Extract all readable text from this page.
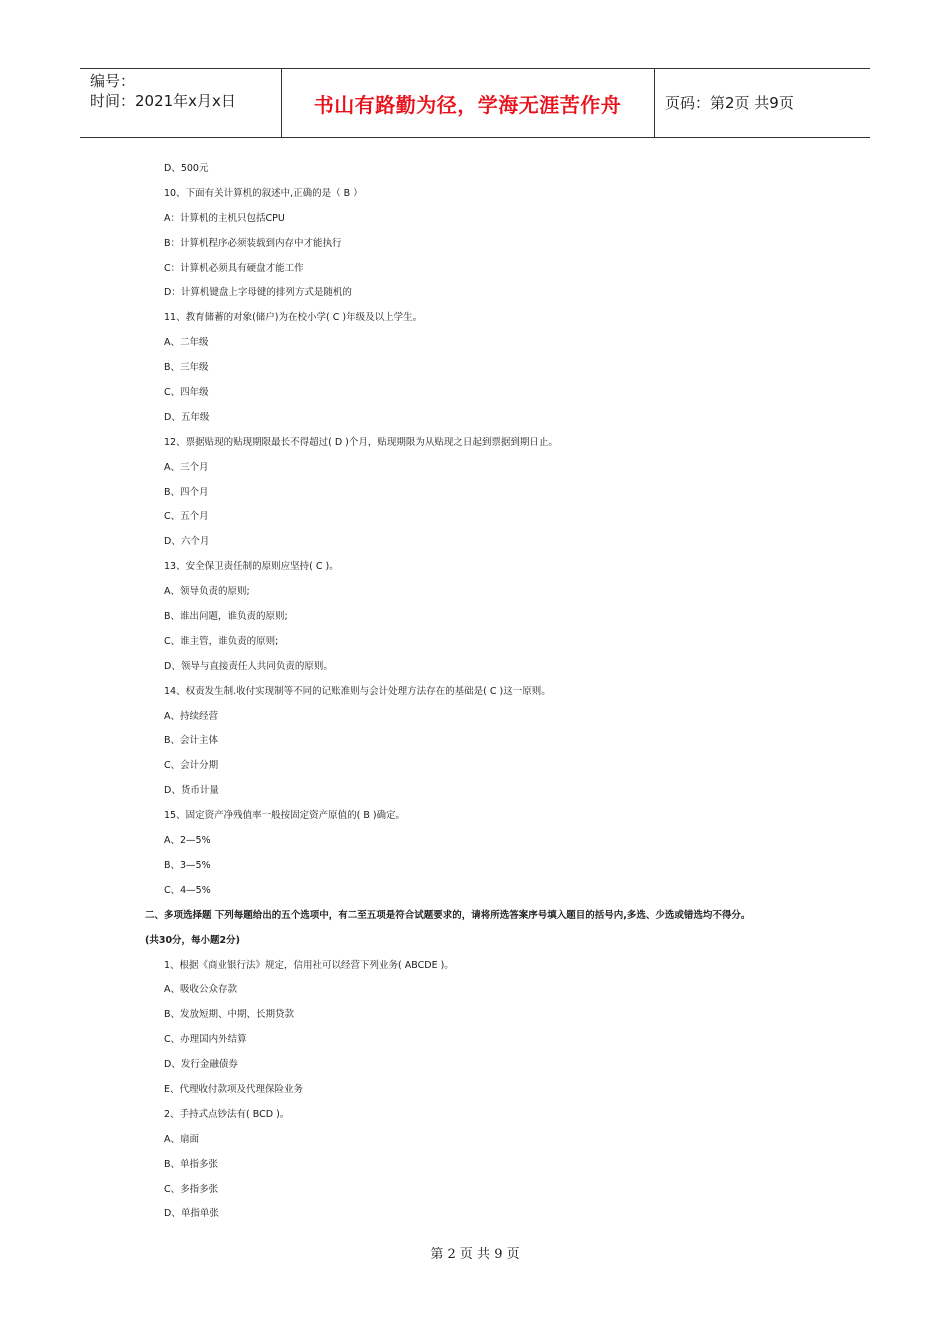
编号：
时间：2021年x月x日	书山有路勤为径，学海无涯苦作舟	页码：第2页 共9页
D、500元
10、下面有关计算机的叙述中,正确的是（ B ）
A：计算机的主机只包括CPU
B：计算机程序必须装载到内存中才能执行
C：计算机必须具有硬盘才能工作
D：计算机键盘上字母键的排列方式是随机的
11、教育储蓄的对象(储户)为在校小学( C )年级及以上学生。
A、二年级
B、三年级
C、四年级
D、五年级
12、票据贴现的贴现期限最长不得超过( D )个月，贴现期限为从贴现之日起到票据到期日止。
A、三个月
B、四个月
C、五个月
D、六个月
13、安全保卫责任制的原则应坚持( C )。
A、领导负责的原则;
B、谁出问题，谁负责的原则;
C、谁主管，谁负责的原则;
D、领导与直接责任人共同负责的原则。
14、权责发生制.收付实现制等不同的记账准则与会计处理方法存在的基础是( C )这一原则。
A、持续经营
B、会计主体
C、会计分期
D、货币计量
15、固定资产净残值率一般按固定资产原值的( B )确定。
A、2—5%
B、3—5%
C、4—5%
二、多项选择题 下列每题给出的五个选项中，有二至五项是符合试题要求的，请将所选答案序号填入题目的括号内,多选、少选或错选均不得分。
(共30分，每小题2分)
1、根据《商业银行法》规定，信用社可以经营下列业务( ABCDE )。
A、吸收公众存款
B、发放短期、中期、长期贷款
C、办理国内外结算
D、发行金融债券
E、代理收付款项及代理保险业务
2、手持式点钞法有( BCD )。
A、扇面
B、单指多张
C、多指多张
D、单指单张
第 2 页 共 9 页
